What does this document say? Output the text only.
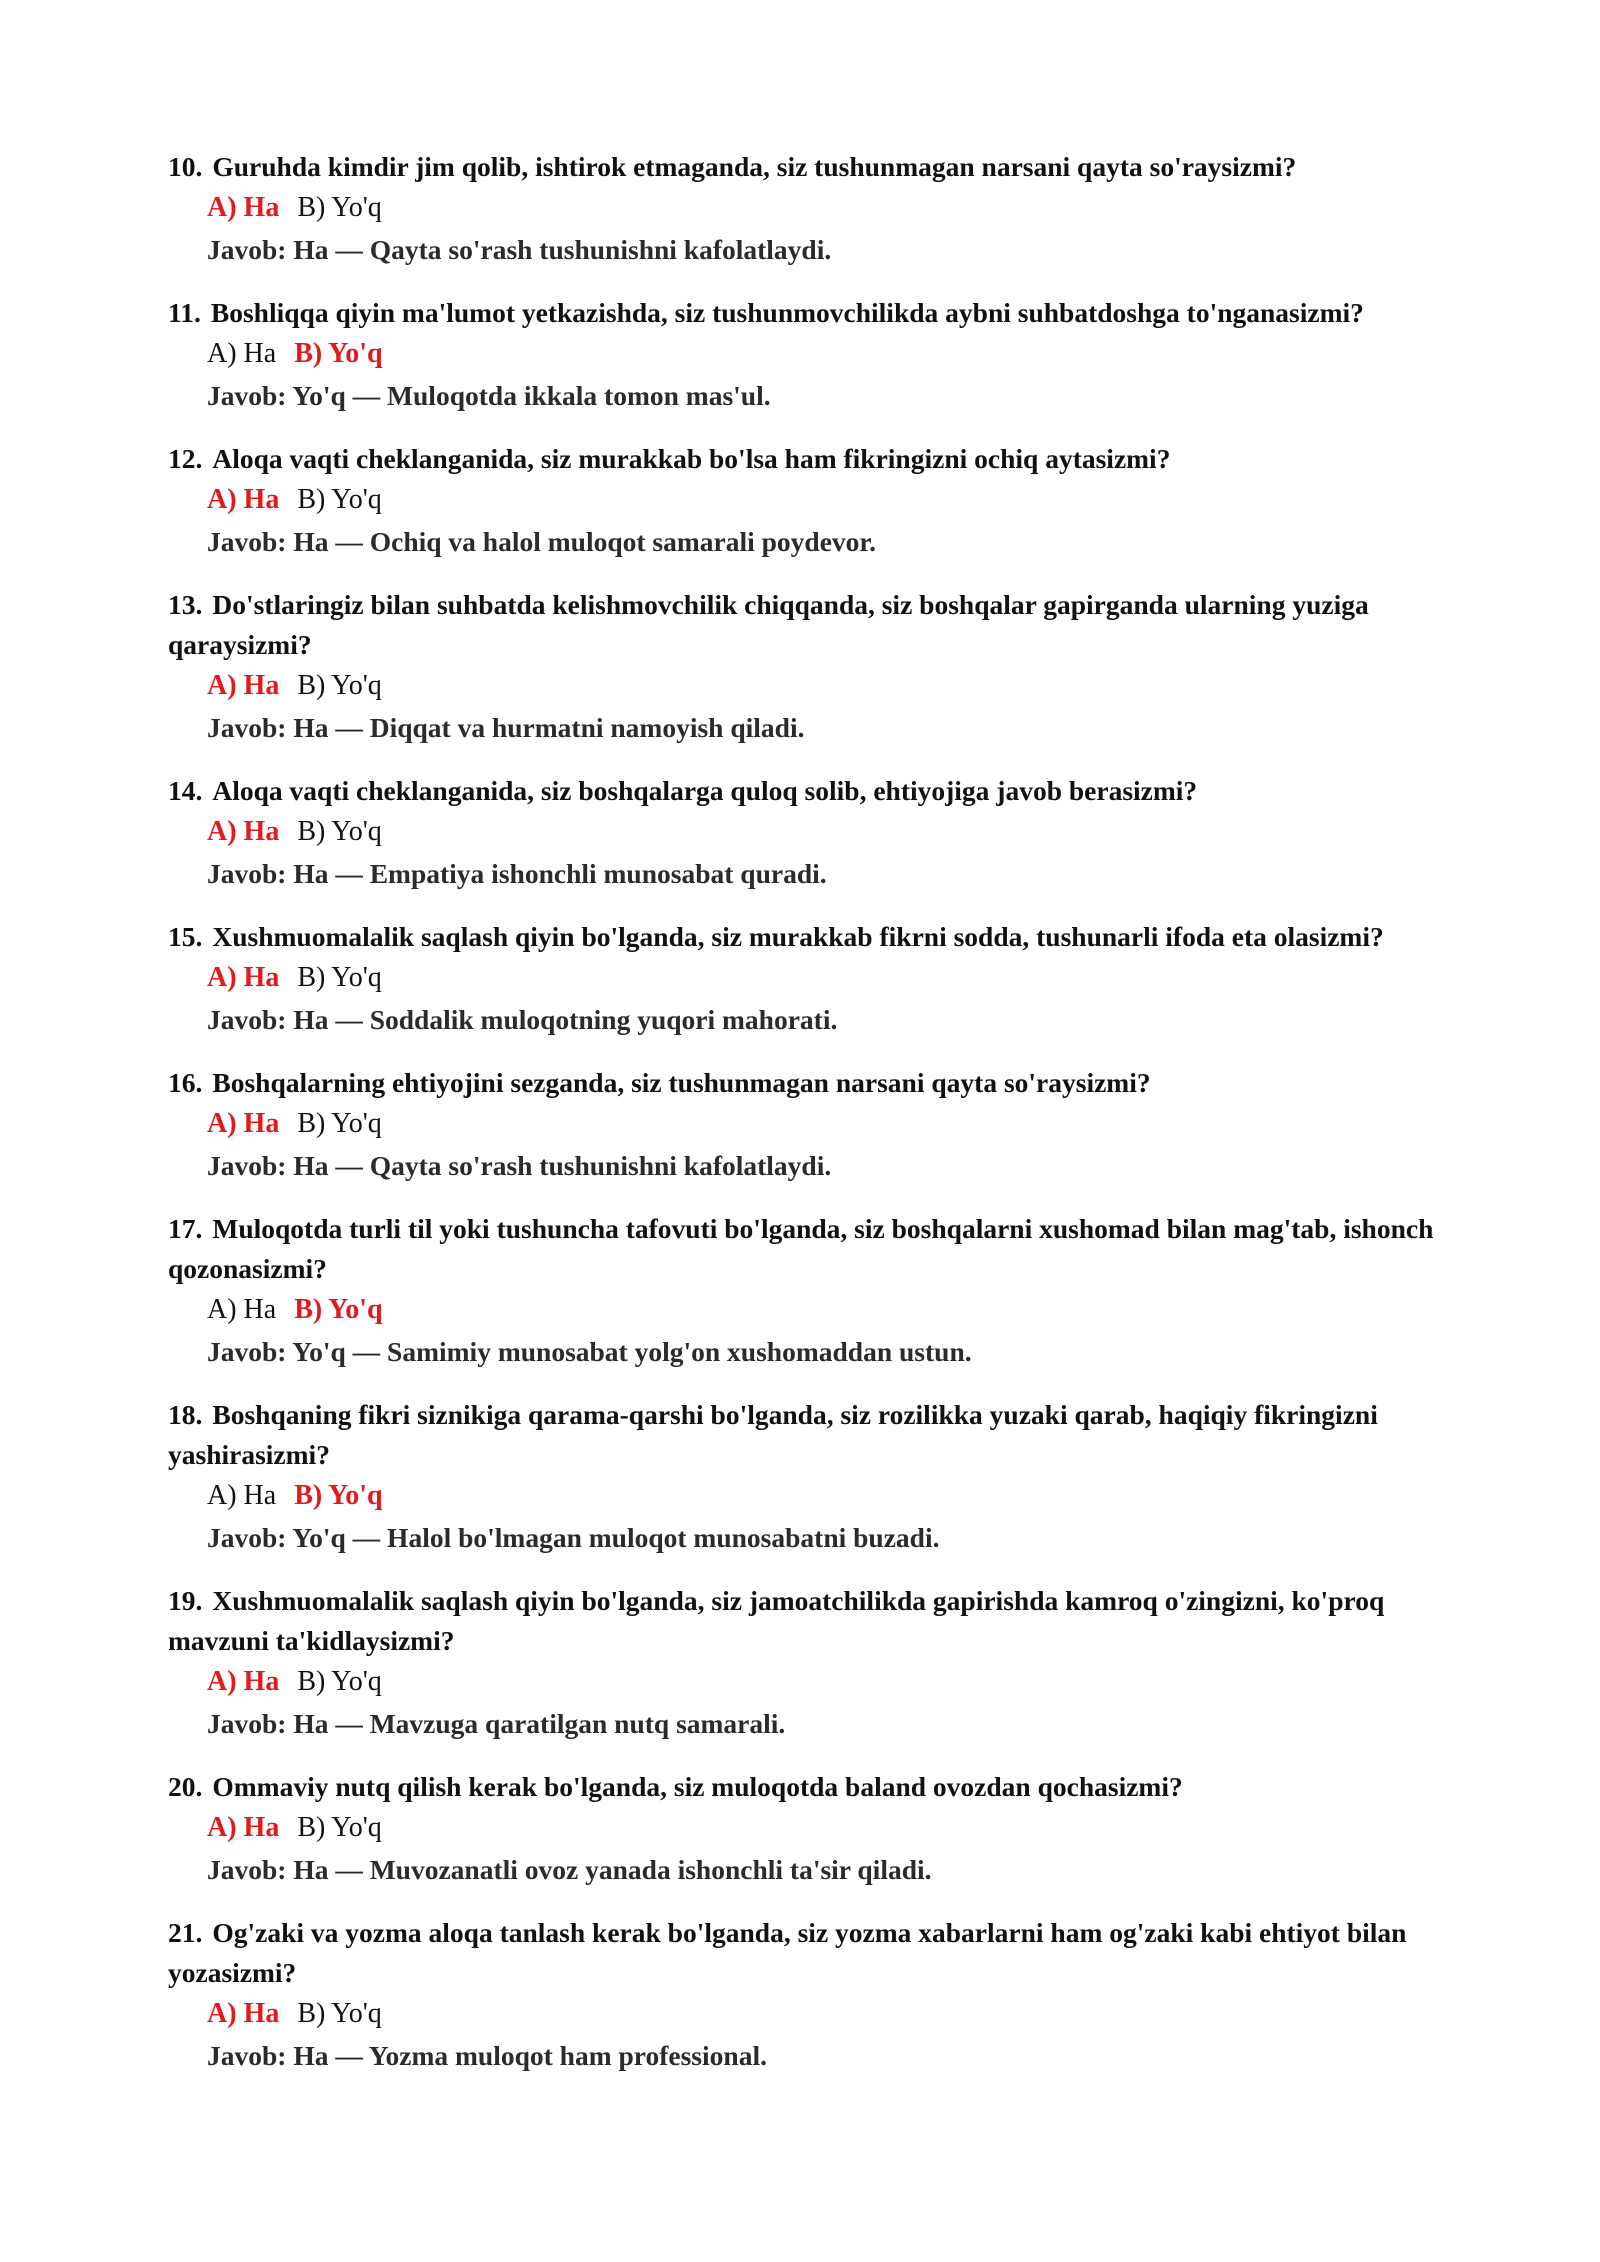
10. Guruhda kimdir jim qolib, ishtirok etmaganda, siz tushunmagan narsani qayta so'raysizmi?

A) Ha B) Yo'q
Javob: Ha — Qayta so'rash tushunishni kafolatlaydi.

11. Boshliqqa qiyin ma'lumot yetkazishda, siz tushunmovchilikda aybni suhbatdoshga to'nganasizmi?

A) Ha B) Yo'q
Javob: Yo'q — Muloqotda ikkala tomon mas'ul.

12. Aloqa vaqti cheklanganida, siz murakkab bo'lsa ham fikringizni ochiq aytasizmi?

A) Ha B) Yo'q
Javob: Ha — Ochiq va halol muloqot samarali poydevor.

13. Do'stlaringiz bilan suhbatda kelishmovchilik chiqqanda, siz boshqalar gapirganda ularning yuziga qaraysizmi?

A) Ha B) Yo'q
Javob: Ha — Diqqat va hurmatni namoyish qiladi.

14. Aloqa vaqti cheklanganida, siz boshqalarga quloq solib, ehtiyojiga javob berasizmi?

A) Ha B) Yo'q
Javob: Ha — Empatiya ishonchli munosabat quradi.

15. Xushmuomalalik saqlash qiyin bo'lganda, siz murakkab fikrni sodda, tushunarli ifoda eta olasizmi?

A) Ha B) Yo'q
Javob: Ha — Soddalik muloqotning yuqori mahorati.

16. Boshqalarning ehtiyojini sezganda, siz tushunmagan narsani qayta so'raysizmi?

A) Ha B) Yo'q
Javob: Ha — Qayta so'rash tushunishni kafolatlaydi.

17. Muloqotda turli til yoki tushuncha tafovuti bo'lganda, siz boshqalarni xushomad bilan mag'tab, ishonch qozonasizmi?

A) Ha B) Yo'q
Javob: Yo'q — Samimiy munosabat yolg'on xushomaddan ustun.

18. Boshqaning fikri siznikiga qarama-qarshi bo'lganda, siz rozilikka yuzaki qarab, haqiqiy fikringizni yashirasizmi?

A) Ha B) Yo'q
Javob: Yo'q — Halol bo'lmagan muloqot munosabatni buzadi.

19. Xushmuomalalik saqlash qiyin bo'lganda, siz jamoatchilikda gapirishda kamroq o'zingizni, ko'proq mavzuni ta'kidlaysizmi?

A) Ha B) Yo'q
Javob: Ha — Mavzuga qaratilgan nutq samarali.

20. Ommaviy nutq qilish kerak bo'lganda, siz muloqotda baland ovozdan qochasizmi?

A) Ha B) Yo'q
Javob: Ha — Muvozanatli ovoz yanada ishonchli ta'sir qiladi.

21. Og'zaki va yozma aloqa tanlash kerak bo'lganda, siz yozma xabarlarni ham og'zaki kabi ehtiyot bilan yozasizmi?

A) Ha B) Yo'q
Javob: Ha — Yozma muloqot ham professional.
